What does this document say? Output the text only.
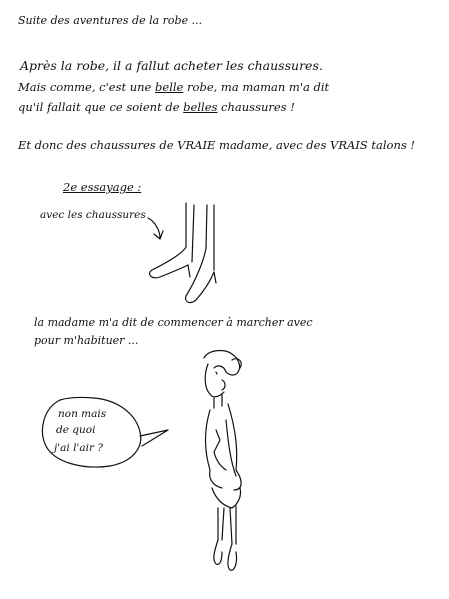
Suite des aventures de la robe ...
Après la robe, il a fallut acheter les chaussures.
Mais comme, c'est une belle robe, ma maman m'a dit
qu'il fallait que ce soient de belles chaussures !
Et donc des chaussures de VRAIE madame, avec des VRAIS talons !
2e essayage :
avec les chaussures
la madame m'a dit de commencer à marcher avec
pour m'habituer ...
non mais
de quoi
j'ai l'air ?
